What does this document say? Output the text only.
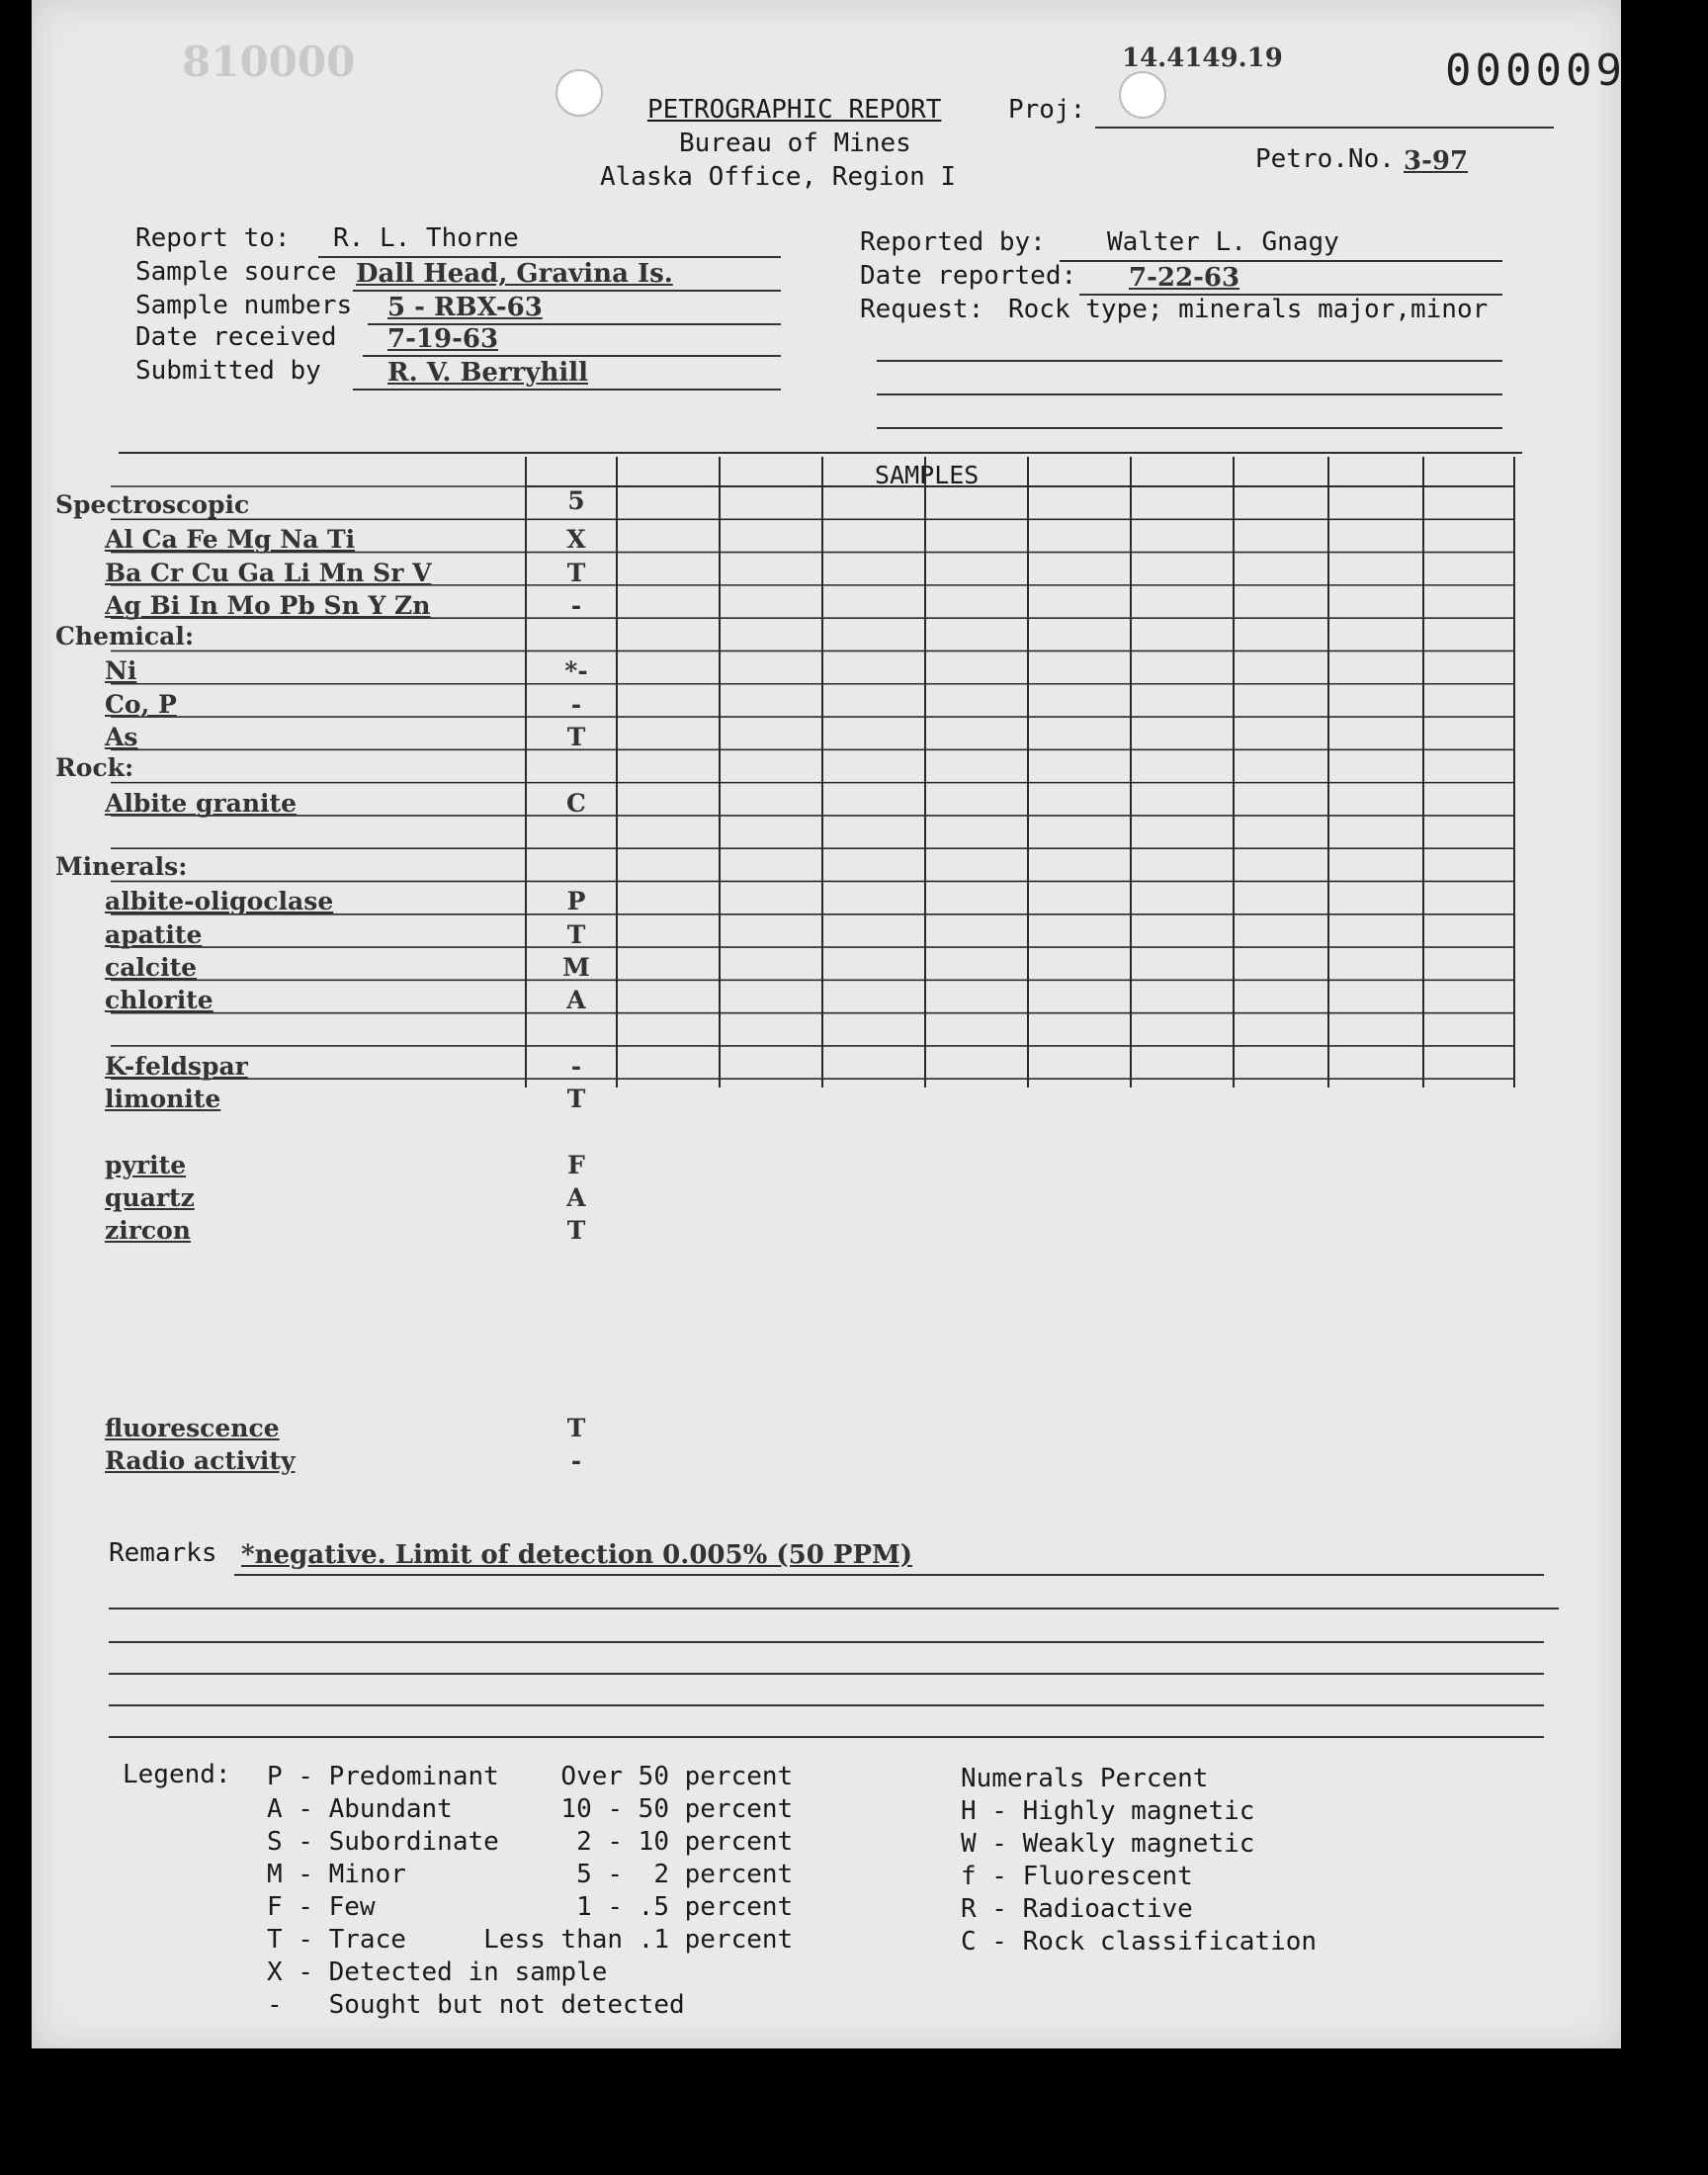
810000	14.4149.19	000009
PETROGRAPHIC REPORT	Proj:
Bureau of Mines
Alaska Office, Region I
Petro.No. 3-97
Report to: R. L. Thorne
Sample source Dall Head, Gravina Is.
Sample numbers 5 - RBX-63
Date received 7-19-63
Submitted by	R. V. Berryhill
Reported by: Walter L. Gnagy
Date reported: 7-22-63
Request: Rock type; minerals major,minor
SAMPLES
5
Spectroscopic
Al Ca Fe Mg Na Ti	X
Ba Cr Cu Ga Li Mn Sr V	T
Ag Bi In Mo Pb Sn Y Zn	-
Chemical:
Ni	*-
Co, P	-
As	T
Rock:
Albite granite	C
Minerals:
albite-oligoclase	P
apatite	T
calcite	M
chlorite	A
K-feldspar	-
limonite	T
pyrite	F
quartz	A
zircon	T
fluorescence	T
Radio activity	-
Remarks *negative. Limit of detection 0.005% (50 PPM)
Legend: P - Predominant    Over 50 percent
A - Abundant       10 - 50 percent
S - Subordinate     2 - 10 percent
M - Minor           5 -  2 percent
F - Few             1 - .5 percent
T - Trace     Less than .1 percent
X - Detected in sample
-   Sought but not detected
Numerals Percent
H - Highly magnetic
W - Weakly magnetic
f - Fluorescent
R - Radioactive
C - Rock classification
